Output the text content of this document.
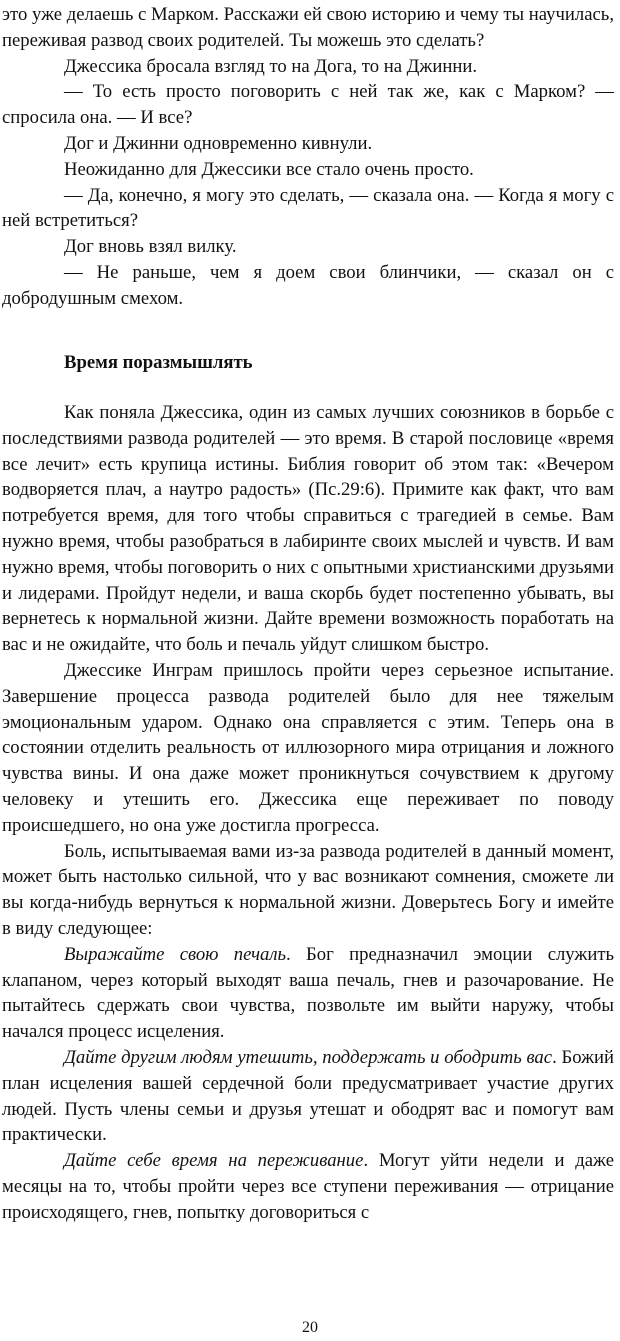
это уже делаешь с Марком. Расскажи ей свою историю и чему ты научилась, переживая развод своих родителей. Ты можешь это сделать?

Джессика бросала взгляд то на Дога, то на Джинни.

— То есть просто поговорить с ней так же, как с Марком? — спросила она. — И все?

Дог и Джинни одновременно кивнули.

Неожиданно для Джессики все стало очень просто.

— Да, конечно, я могу это сделать, — сказала она. — Когда я могу с ней встретиться?

Дог вновь взял вилку.

— Не раньше, чем я доем свои блинчики, — сказал он с добродушным смехом.

Время поразмышлять

Как поняла Джессика, один из самых лучших союзников в борьбе с последствиями развода родителей — это время. В старой пословице «время все лечит» есть крупица истины. Библия говорит об этом так: «Вечером водворяется плач, а наутро радость» (Пс.29:6). Примите как факт, что вам потребуется время, для того чтобы справиться с трагедией в семье. Вам нужно время, чтобы разобраться в лабиринте своих мыслей и чувств. И вам нужно время, чтобы поговорить о них с опытными христианскими друзьями и лидерами. Пройдут недели, и ваша скорбь будет постепенно убывать, вы вернетесь к нормальной жизни. Дайте времени возможность поработать на вас и не ожидайте, что боль и печаль уйдут слишком быстро.

Джессике Инграм пришлось пройти через серьезное испытание. Завершение процесса развода родителей было для нее тяжелым эмоциональным ударом. Однако она справляется с этим. Теперь она в состоянии отделить реальность от иллюзорного мира отрицания и ложного чувства вины. И она даже может проникнуться сочувствием к другому человеку и утешить его. Джессика еще переживает по поводу происшедшего, но она уже достигла прогресса.

Боль, испытываемая вами из-за развода родителей в данный момент, может быть настолько сильной, что у вас возникают сомнения, сможете ли вы когда-нибудь вернуться к нормальной жизни. Доверьтесь Богу и имейте в виду следующее:

Выражайте свою печаль. Бог предназначил эмоции служить клапаном, через который выходят ваша печаль, гнев и разочарование. Не пытайтесь сдержать свои чувства, позвольте им выйти наружу, чтобы начался процесс исцеления.

Дайте другим людям утешить, поддержать и ободрить вас. Божий план исцеления вашей сердечной боли предусматривает участие других людей. Пусть члены семьи и друзья утешат и ободрят вас и помогут вам практически.

Дайте себе время на переживание. Могут уйти недели и даже месяцы на то, чтобы пройти через все ступени переживания — отрицание происходящего, гнев, попытку договориться с

20
